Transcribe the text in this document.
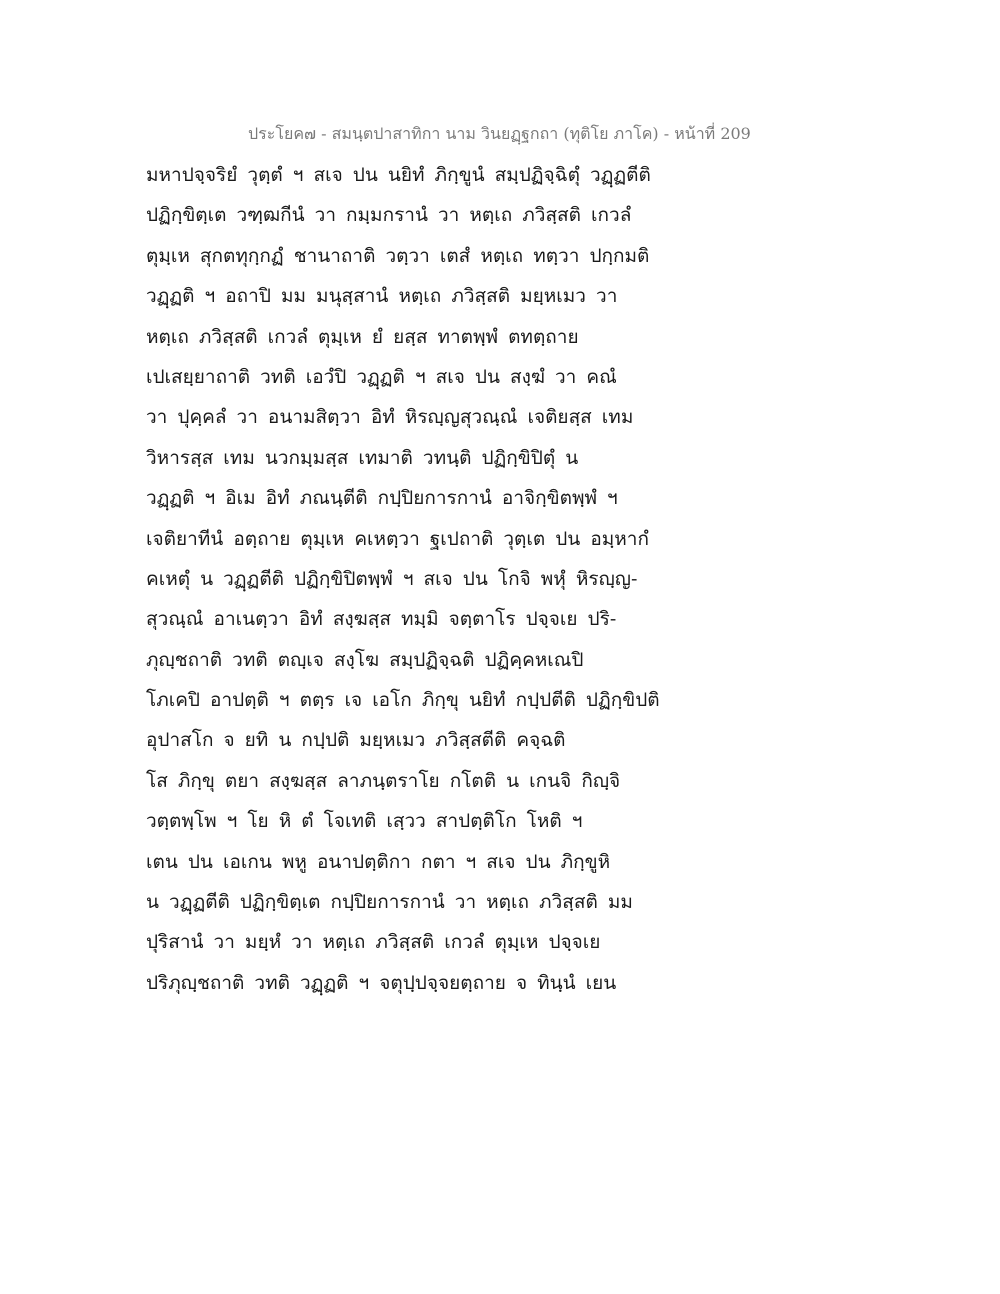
ประโยค๗ - สมนฺตปาสาทิกา นาม วินยฏฺฐกถา (ทุติโย ภาโค) - หน้าที่ 209
มหาปจฺจริยํ วุตฺตํ ฯ สเจ ปน นยิทํ ภิกฺขูนํ สมฺปฏิจฺฉิตุํ วฏฺฏตีติ
ปฏิกฺขิตฺเต วฑฺฒกีนํ วา กมฺมกรานํ วา หตฺเถ ภวิสฺสติ เกวลํ
ตุมฺเห สุกตทุกฺกฏํ ชานาถาติ วตฺวา เตสํ หตฺเถ ทตฺวา ปกฺกมติ
วฏฺฏติ ฯ อถาปิ มม มนุสฺสานํ หตฺเถ ภวิสฺสติ มยฺหเมว วา
หตฺเถ ภวิสฺสติ เกวลํ ตุมฺเห ยํ ยสฺส ทาตพฺพํ ตทตฺถาย
เปเสยฺยาถาติ วทติ เอวํปิ วฏฺฏติ ฯ สเจ ปน สงฺฆํ วา คณํ
วา ปุคฺคลํ วา อนามสิตฺวา อิทํ หิรญฺญสุวณฺณํ เจติยสฺส เทม
วิหารสฺส เทม นวกมฺมสฺส เทมาติ วทนฺติ ปฏิกฺขิปิตุํ น
วฏฺฏติ ฯ อิเม อิทํ ภณนฺตีติ กปฺปิยการกานํ อาจิกฺขิตพฺพํ ฯ
เจติยาทีนํ อตฺถาย ตุมฺเห คเหตฺวา ฐเปถาติ วุตฺเต ปน อมฺหากํ
คเหตุํ น วฏฺฏตีติ ปฏิกฺขิปิตพฺพํ ฯ สเจ ปน โกจิ พหุํ หิรญฺญ-
สุวณฺณํ อาเนตฺวา อิทํ สงฺฆสฺส ทมฺมิ จตฺตาโร ปจฺจเย ปริ-
ภุญฺชถาติ วทติ ตญฺเจ สงฺโฆ สมฺปฏิจฺฉติ ปฏิคฺคหเณปิ
โภเคปิ อาปตฺติ ฯ ตตฺร เจ เอโก ภิกฺขุ นยิทํ กปฺปตีติ ปฏิกฺขิปติ
อุปาสโก จ ยทิ น กปฺปติ มยฺหเมว ภวิสฺสตีติ คจฺฉติ
โส ภิกฺขุ ตยา สงฺฆสฺส ลาภนฺตราโย กโตติ น เกนจิ กิญฺจิ
วตฺตพฺโพ ฯ โย หิ ตํ โจเทติ เสฺวว สาปตฺติโก โหติ ฯ
เตน ปน เอเกน พหู อนาปตฺติกา กตา ฯ สเจ ปน ภิกฺขูหิ
น วฏฺฏตีติ ปฏิกฺขิตฺเต กปฺปิยการกานํ วา หตฺเถ ภวิสฺสติ มม
ปุริสานํ วา มยฺหํ วา หตฺเถ ภวิสฺสติ เกวลํ ตุมฺเห ปจฺจเย
ปริภุญฺชถาติ วทติ วฏฺฏติ ฯ จตุปฺปจฺจยตฺถาย จ ทินฺนํ เยน
